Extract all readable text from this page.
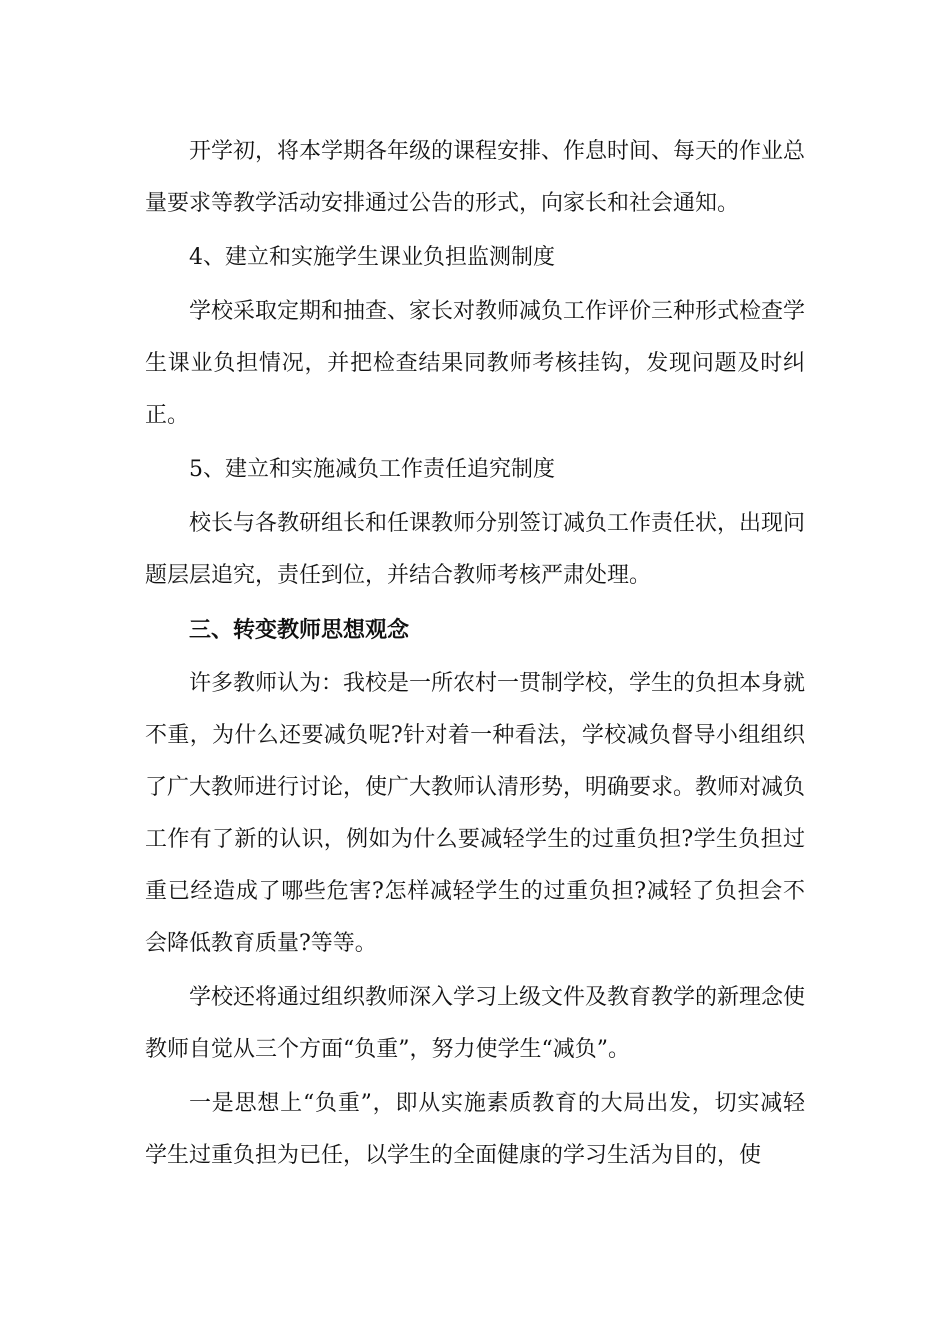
开学初，将本学期各年级的课程安排、作息时间、每天的作业总量要求等教学活动安排通过公告的形式，向家长和社会通知。

4、建立和实施学生课业负担监测制度

学校采取定期和抽查、家长对教师减负工作评价三种形式检查学生课业负担情况，并把检查结果同教师考核挂钩，发现问题及时纠正。

5、建立和实施减负工作责任追究制度

校长与各教研组长和任课教师分别签订减负工作责任状，出现问题层层追究，责任到位，并结合教师考核严肃处理。

三、转变教师思想观念

许多教师认为：我校是一所农村一贯制学校，学生的负担本身就不重，为什么还要减负呢?针对着一种看法，学校减负督导小组组织了广大教师进行讨论，使广大教师认清形势，明确要求。教师对减负工作有了新的认识，例如为什么要减轻学生的过重负担?学生负担过重已经造成了哪些危害?怎样减轻学生的过重负担?减轻了负担会不会降低教育质量?等等。

学校还将通过组织教师深入学习上级文件及教育教学的新理念使教师自觉从三个方面“负重”，努力使学生“减负”。

一是思想上“负重”，即从实施素质教育的大局出发，切实减轻学生过重负担为已任，以学生的全面健康的学习生活为目的，使
